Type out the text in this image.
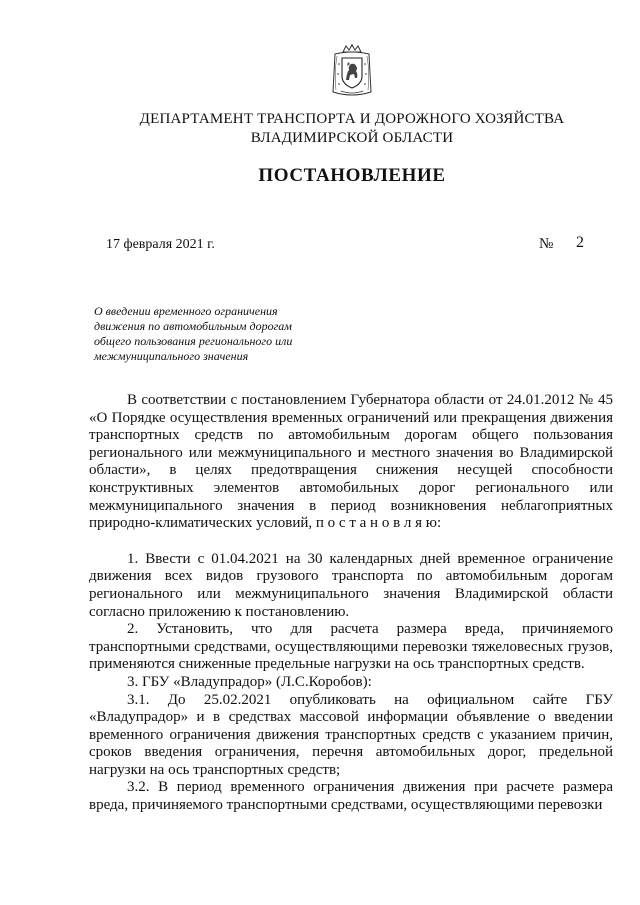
ДЕПАРТАМЕНТ ТРАНСПОРТА И ДОРОЖНОГО ХОЗЯЙСТВА
ВЛАДИМИРСКОЙ ОБЛАСТИ
ПОСТАНОВЛЕНИЕ
17 февраля 2021 г.	№ 2
О введении временного ограничения
движения по автомобильным дорогам
общего пользования регионального или
межмуниципального значения

В соответствии с постановлением Губернатора области от 24.01.2012 № 45 «О Порядке осуществления временных ограничений или прекращения движения транспортных средств по автомобильным дорогам общего пользования регионального или межмуниципального и местного значения во Владимирской области», в целях предотвращения снижения несущей способности конструктивных элементов автомобильных дорог регионального или межмуниципального значения в период возникновения неблагоприятных природно-климатических условий, п о с т а н о в л я ю:

1. Ввести с 01.04.2021 на 30 календарных дней временное ограничение движения всех видов грузового транспорта по автомобильным дорогам регионального или межмуниципального значения Владимирской области согласно приложению к постановлению.

2. Установить, что для расчета размера вреда, причиняемого транспортными средствами, осуществляющими перевозки тяжеловесных грузов, применяются сниженные предельные нагрузки на ось транспортных средств.

3. ГБУ «Владупрадор» (Л.С.Коробов):

3.1. До 25.02.2021 опубликовать на официальном сайте ГБУ «Владупрадор» и в средствах массовой информации объявление о введении временного ограничения движения транспортных средств с указанием причин, сроков введения ограничения, перечня автомобильных дорог, предельной нагрузки на ось транспортных средств;

3.2. В период временного ограничения движения при расчете размера вреда, причиняемого транспортными средствами, осуществляющими перевозки
